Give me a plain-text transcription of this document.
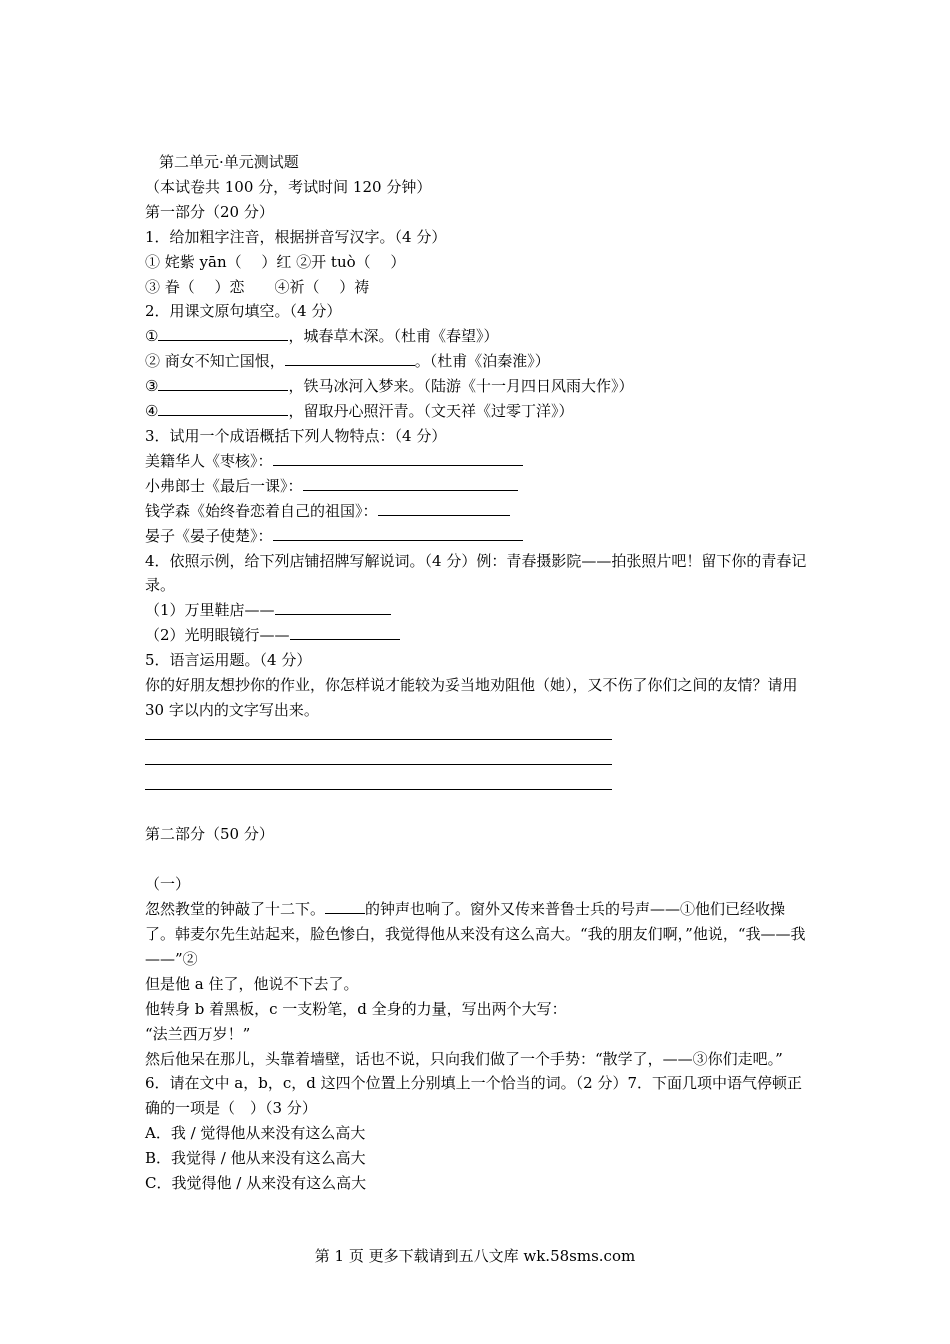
第二单元·单元测试题
（本试卷共 100 分，考试时间 120 分钟）
第一部分（20 分）
1．给加粗字注音，根据拼音写汉字。（4 分）
① 姹紫 yān（　 ）红 ②开 tuò（　 ）
③ 眷（　 ）恋　　④祈（　 ）祷
2．用课文原句填空。（4 分）
①	，城春草木深。（杜甫《春望》）
② 商女不知亡国恨，	。（杜甫《泊秦淮》）
③	，铁马冰河入梦来。（陆游《十一月四日风雨大作》）
④	，留取丹心照汗青。（文天祥《过零丁洋》）
3．试用一个成语概括下列人物特点：（4 分）
美籍华人《枣核》：
小弗郎士《最后一课》：
钱学森《始终眷恋着自己的祖国》：
晏子《晏子使楚》：
4．依照示例，给下列店铺招牌写解说词。（4 分）例：青春摄影院——拍张照片吧！留下你的青春记录。
（1）万里鞋店——
（2）光明眼镜行——
5．语言运用题。（4 分）
你的好朋友想抄你的作业，你怎样说才能较为妥当地劝阻他（她），又不伤了你们之间的友情？请用 30 字以内的文字写出来。
第二部分（50 分）
（一）
忽然教堂的钟敲了十二下。	的钟声也响了。窗外又传来普鲁士兵的号声——①他们已经收操了。韩麦尔先生站起来，脸色惨白，我觉得他从来没有这么高大。“我的朋友们啊，”他说，“我——我——”②
但是他 a 住了，他说不下去了。
他转身 b 着黑板，c 一支粉笔，d 全身的力量，写出两个大写：
“法兰西万岁！”
然后他呆在那儿，头靠着墙壁，话也不说，只向我们做了一个手势：“散学了，——③你们走吧。”
6．请在文中 a，b，c，d 这四个位置上分别填上一个恰当的词。（2 分）7．下面几项中语气停顿正确的一项是（　）（3 分）
A．我 / 觉得他从来没有这么高大
B．我觉得 / 他从来没有这么高大
C．我觉得他 / 从来没有这么高大
第 1 页 更多下载请到五八文库 wk.58sms.com
